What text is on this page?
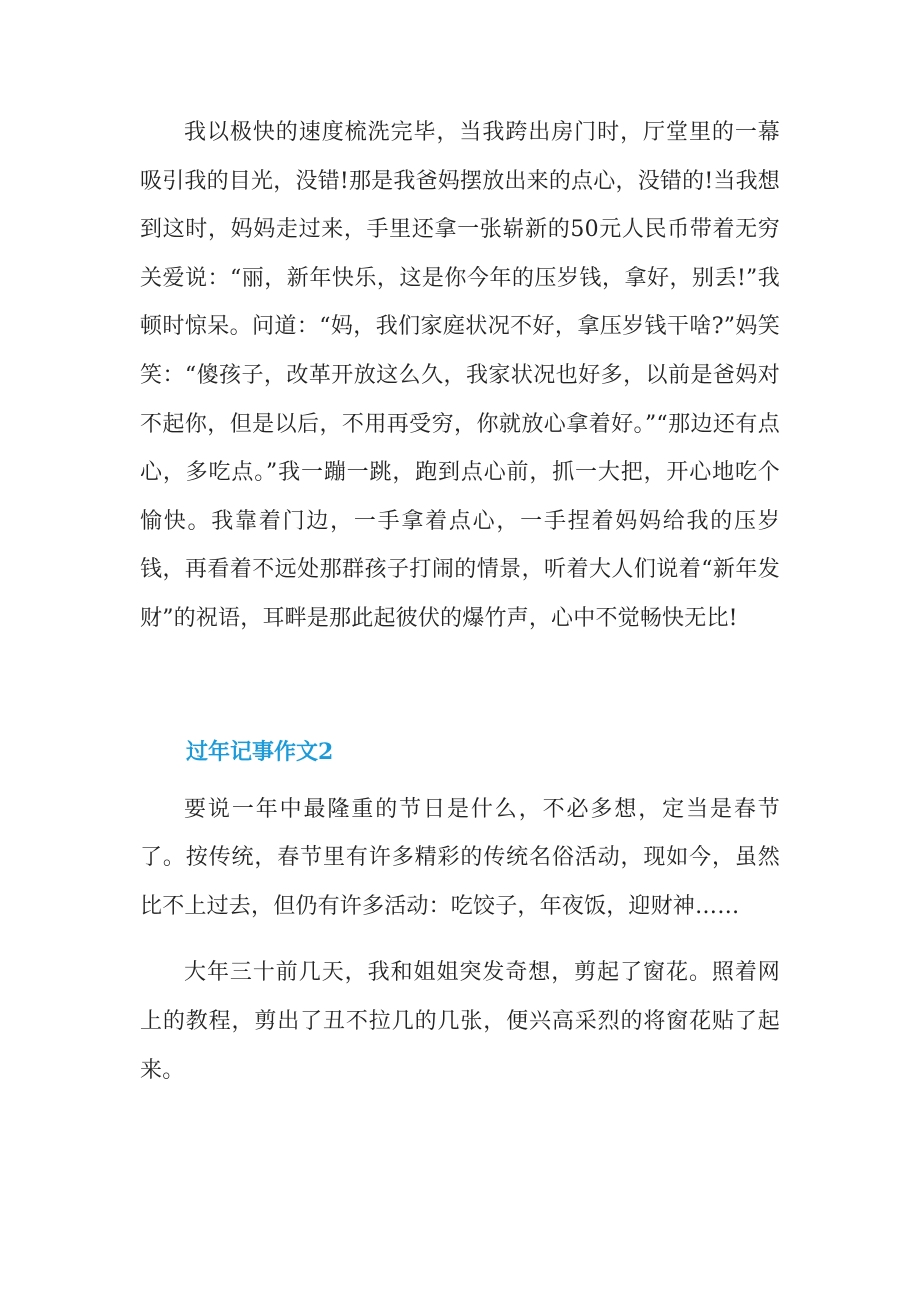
我以极快的速度梳洗完毕，当我跨出房门时，厅堂里的一幕吸引我的目光，没错!那是我爸妈摆放出来的点心，没错的!当我想到这时，妈妈走过来，手里还拿一张崭新的50元人民币带着无穷关爱说：“丽，新年快乐，这是你今年的压岁钱，拿好，别丢!”我顿时惊呆。问道：“妈，我们家庭状况不好，拿压岁钱干啥?”妈笑笑：“傻孩子，改革开放这么久，我家状况也好多，以前是爸妈对不起你，但是以后，不用再受穷，你就放心拿着好。”“那边还有点心，多吃点。”我一蹦一跳，跑到点心前，抓一大把，开心地吃个愉快。我靠着门边，一手拿着点心，一手捏着妈妈给我的压岁钱，再看着不远处那群孩子打闹的情景，听着大人们说着“新年发财”的祝语，耳畔是那此起彼伏的爆竹声，心中不觉畅快无比!

过年记事作文2

要说一年中最隆重的节日是什么，不必多想，定当是春节了。按传统，春节里有许多精彩的传统名俗活动，现如今，虽然比不上过去，但仍有许多活动：吃饺子，年夜饭，迎财神……

大年三十前几天，我和姐姐突发奇想，剪起了窗花。照着网上的教程，剪出了丑不拉几的几张，便兴高采烈的将窗花贴了起来。
